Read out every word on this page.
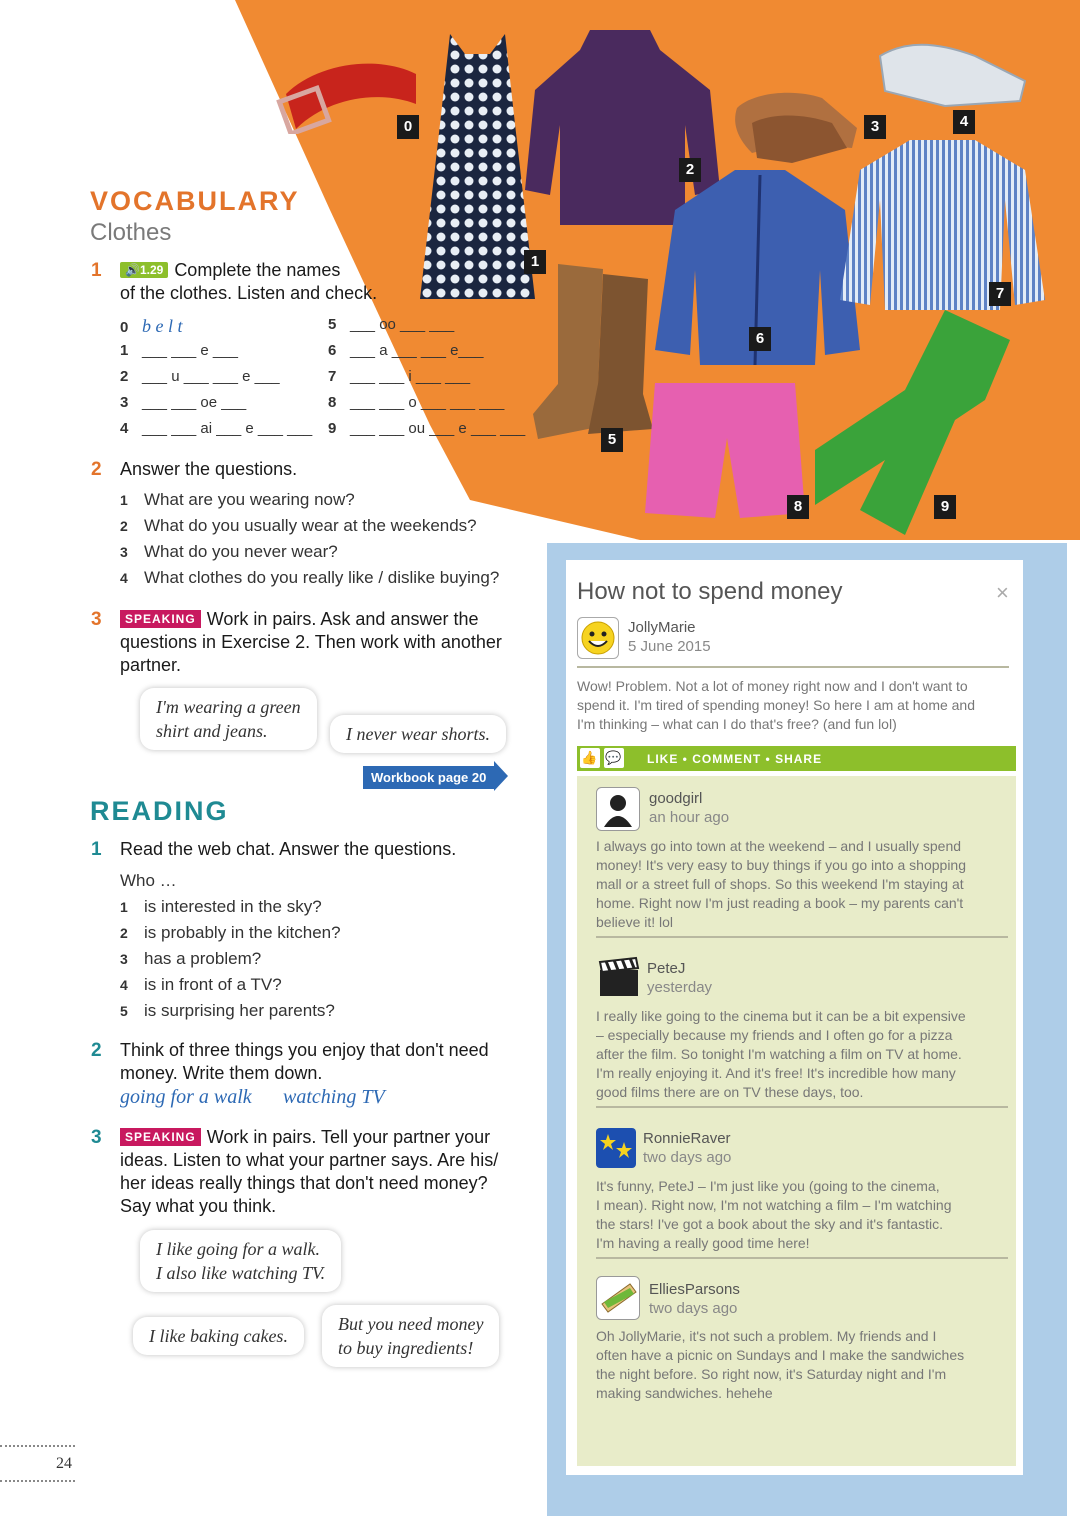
0
1
2
3	4
5
6
7
8	9
VOCABULARY
Clothes
1	🔊1.29 Complete the names
of the clothes. Listen and check.
0 b e l t
1 ___ ___ e ___
2 ___ u ___ ___ e ___
3 ___ ___ oe ___
4 ___ ___ ai ___ e ___ ___
5 ___ oo ___ ___
6 ___ a ___ ___ e___
7 ___ ___ i ___ ___
8 ___ ___ o ___ ___ ___
9 ___ ___ ou ___ e ___ ___
2 Answer the questions.
1 What are you wearing now?
2 What do you usually wear at the weekends?
3 What do you never wear?
4 What clothes do you really like / dislike buying?
3	SPEAKING Work in pairs. Ask and answer the
questions in Exercise 2. Then work with another
partner.
I'm wearing a green
shirt and jeans.	I never wear shorts.
Workbook page 20
READING
1 Read the web chat. Answer the questions.
Who …
1 is interested in the sky?
2 is probably in the kitchen?
3 has a problem?
4 is in front of a TV?
5 is surprising her parents?
2 Think of three things you enjoy that don't need
money. Write them down.
going for a walk watching TV
3	SPEAKING Work in pairs. Tell your partner your
ideas. Listen to what your partner says. Are his/
her ideas really things that don't need money?
Say what you think.
I like going for a walk.
I also like watching TV.
I like baking cakes.
But you need money
to buy ingredients!
24
How not to spend money	×
JollyMarie
5 June 2015
Wow! Problem. Not a lot of money right now and I don't want to
spend it. I'm tired of spending money! So here I am at home and
I'm thinking – what can I do that's free? (and fun lol)
👍 💬 LIKE • COMMENT • SHARE
goodgirl
an hour ago
I always go into town at the weekend – and I usually spend
money! It's very easy to buy things if you go into a shopping
mall or a street full of shops. So this weekend I'm staying at
home. Right now I'm just reading a book – my parents can't
believe it! lol
PeteJ
yesterday
I really like going to the cinema but it can be a bit expensive
– especially because my friends and I often go for a pizza
after the film. So tonight I'm watching a film on TV at home.
I'm really enjoying it. And it's free! It's incredible how many
good films there are on TV these days, too.
RonnieRaver
two days ago
It's funny, PeteJ – I'm just like you (going to the cinema,
I mean). Right now, I'm not watching a film – I'm watching
the stars! I've got a book about the sky and it's fantastic.
I'm having a really good time here!
ElliesParsons
two days ago
Oh JollyMarie, it's not such a problem. My friends and I
often have a picnic on Sundays and I make the sandwiches
the night before. So right now, it's Saturday night and I'm
making sandwiches. hehehe
